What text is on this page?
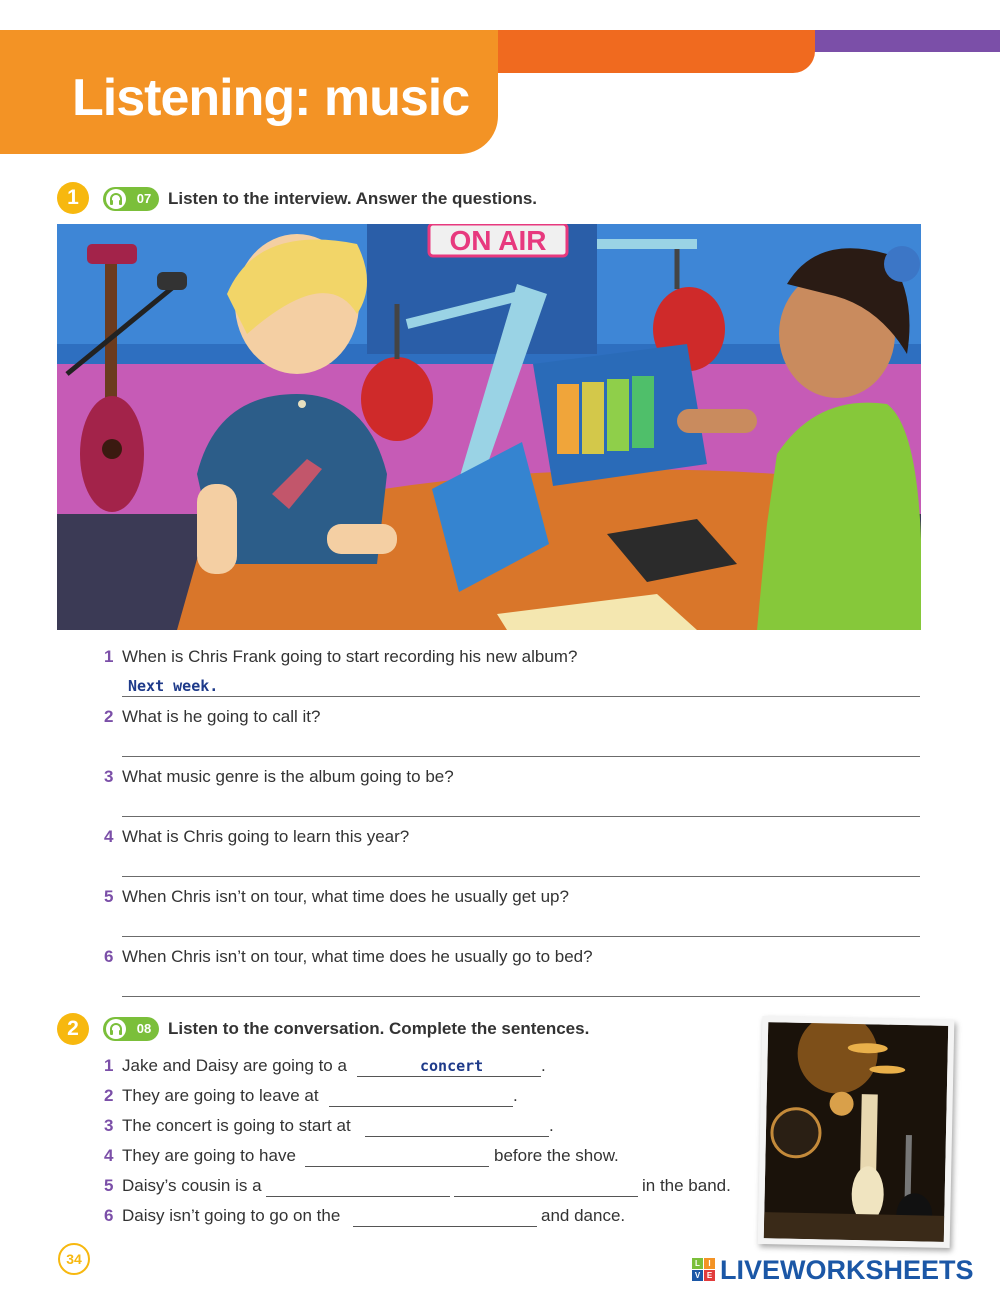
Listening: music
1	07 Listen to the interview. Answer the questions.
ON AIR
1 When is Chris Frank going to start recording his new album?
Next week.
2 What is he going to call it?
3 What music genre is the album going to be?
4 What is Chris going to learn this year?
5 When Chris isn’t on tour, what time does he usually get up?
6 When Chris isn’t on tour, what time does he usually go to bed?
2	08 Listen to the conversation. Complete the sentences.
1 Jake and Daisy are going to a	concert	.
2 They are going to leave at	.
3 The concert is going to start at	.
4 They are going to have	before the show.
5 Daisy’s cousin is a	in the band.
6 Daisy isn’t going to go on the	and dance.
34	L	I
V E LIVEWORKSHEETS
